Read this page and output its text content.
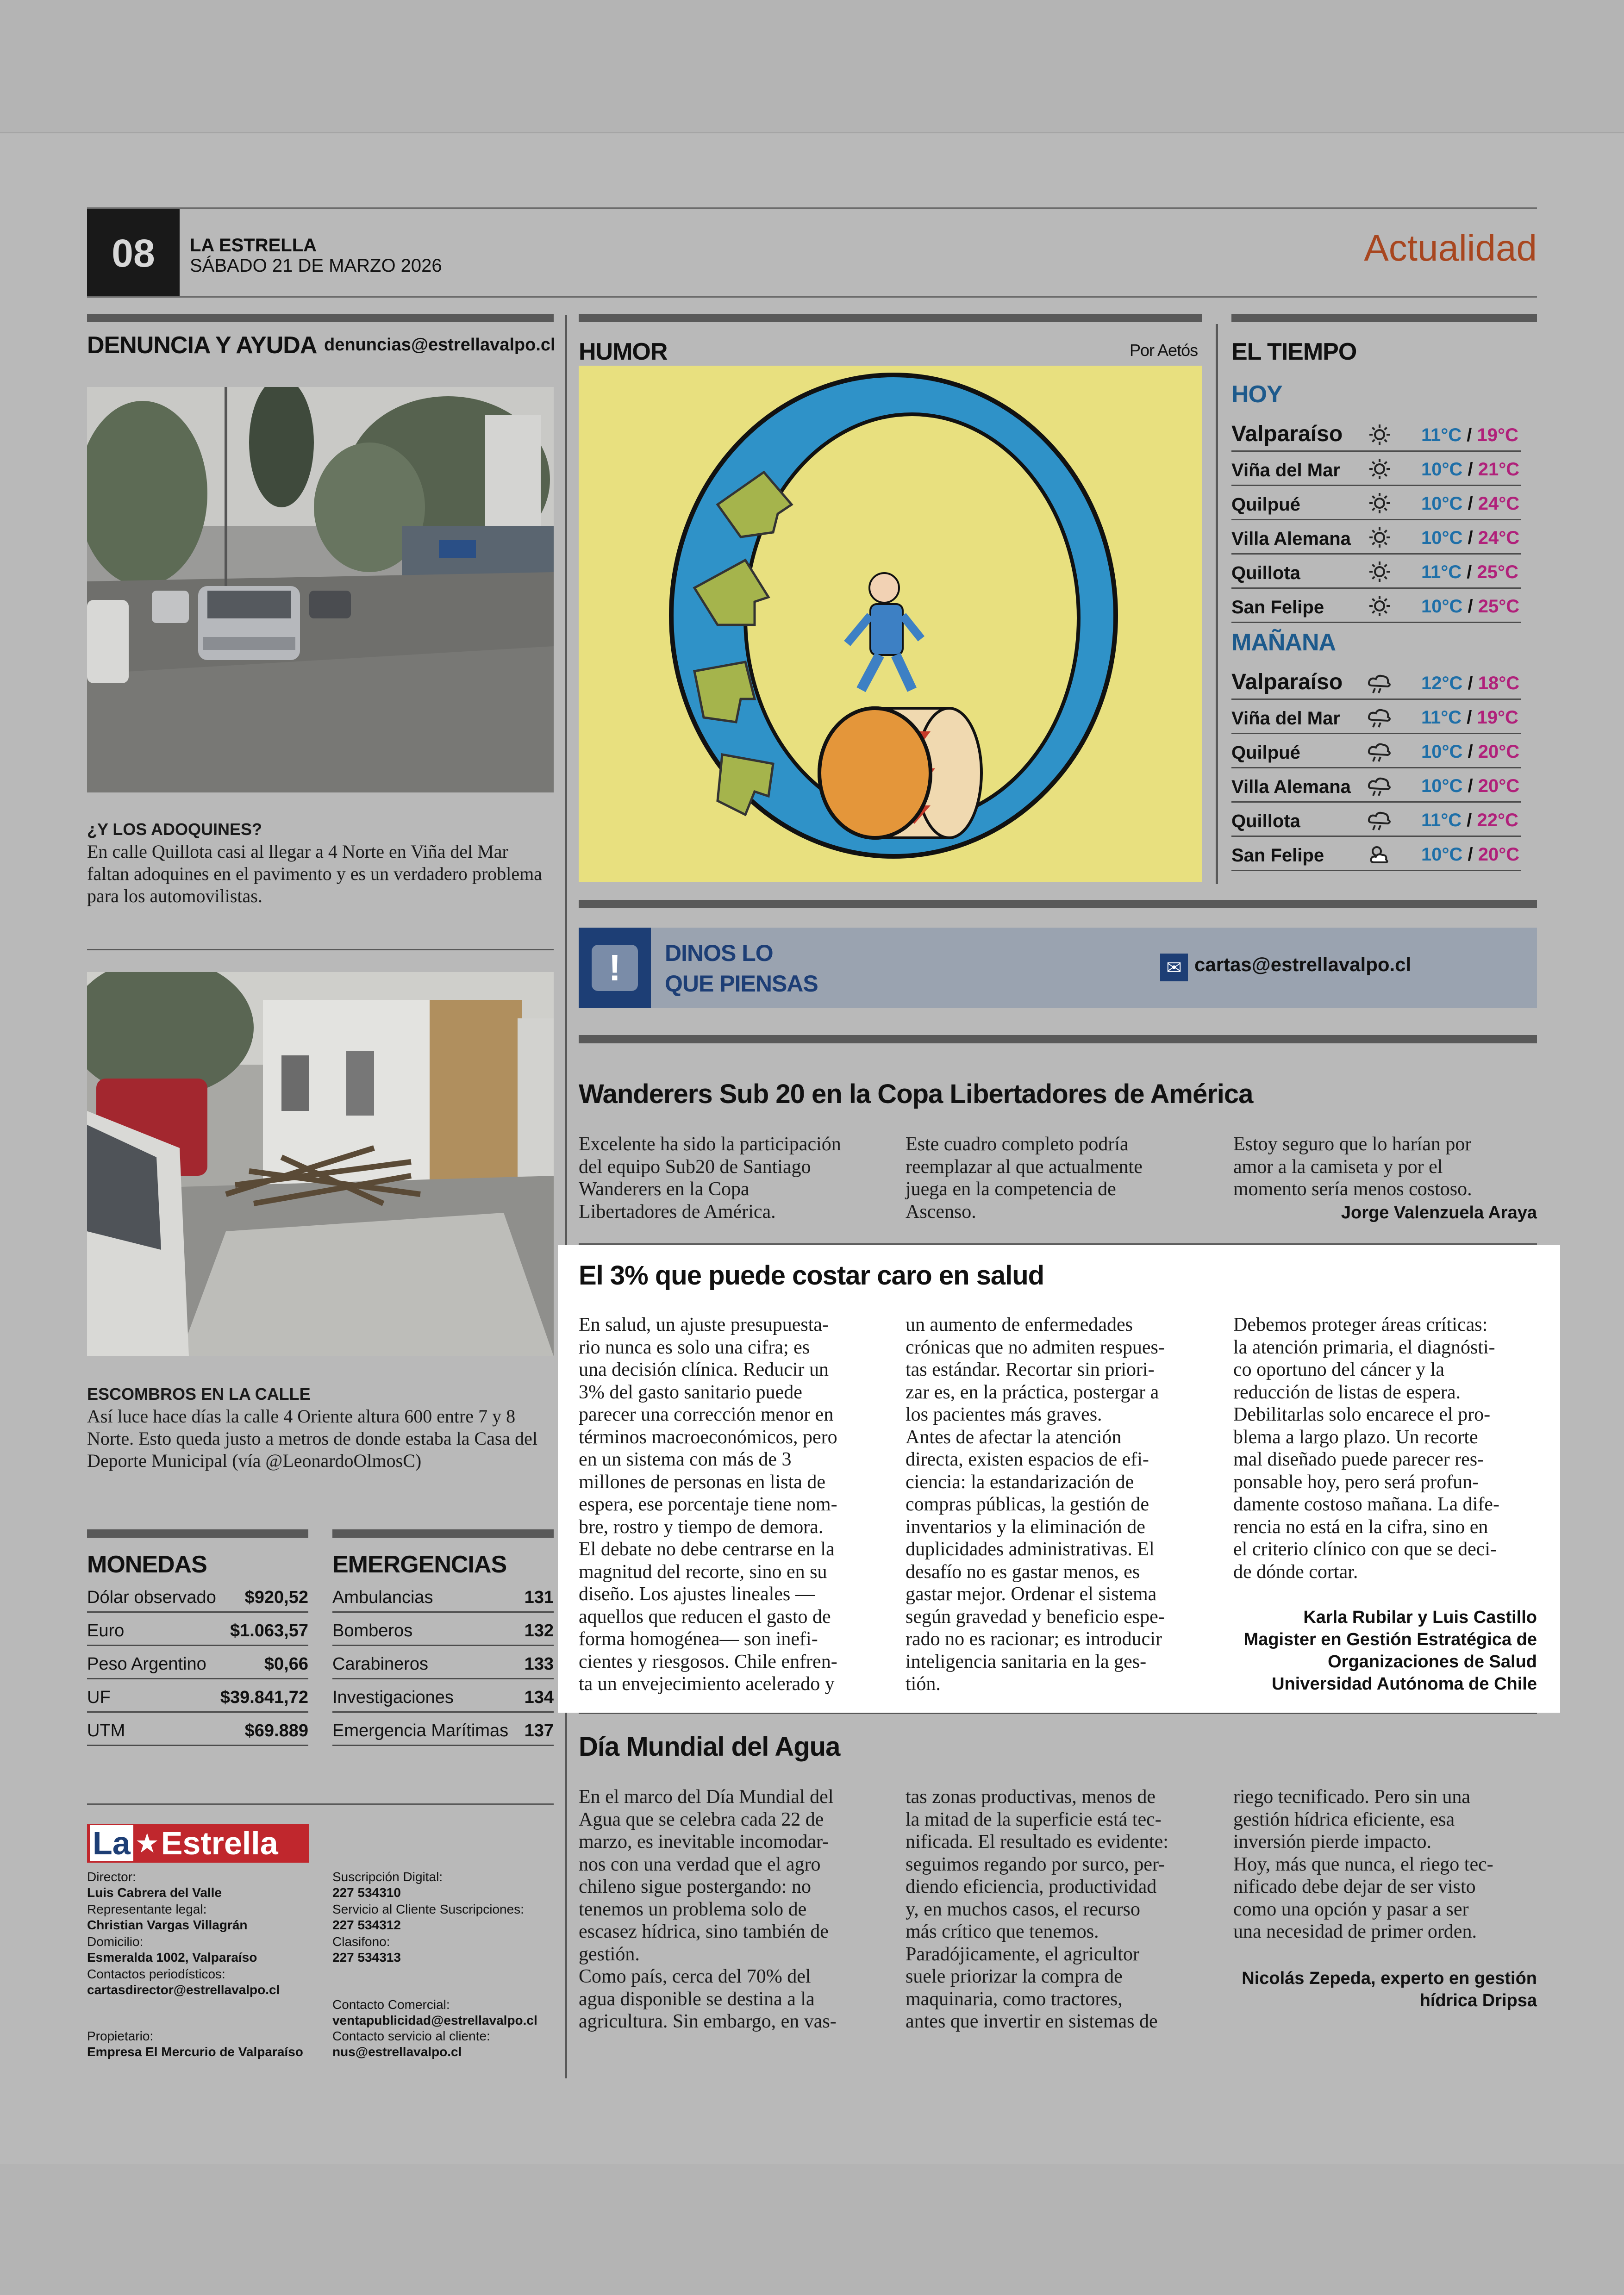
08	LA ESTRELLA
SÁBADO 21 DE MARZO 2026	Actualidad
DENUNCIA Y AYUDA denuncias@estrellavalpo.cl
¿Y LOS ADOQUINES?
En calle Quillota casi al llegar a 4 Norte en Viña del Mar faltan adoquines en el pavimento y es un verdadero problema para los automovilistas.
ESCOMBROS EN LA CALLE
Así luce hace días la calle 4 Oriente altura 600 entre 7 y 8 Norte. Esto queda justo a metros de donde estaba la Casa del Deporte Municipal (vía @LeonardoOlmosC)
MONEDAS
Dólar observado $920,52
Euro	$1.063,57
Peso Argentino	$0,66
UF	$39.841,72
UTM	$69.889
EMERGENCIAS
Ambulancias	131
Bomberos	132
Carabineros	133
Investigaciones	134
Emergencia Marítimas 137
La ★ Estrella
Director:
Luis Cabrera del Valle
Representante legal:
Christian Vargas Villagrán
Domicilio:
Esmeralda 1002, Valparaíso
Contactos periodísticos:
cartasdirector@estrellavalpo.cl
Propietario:
Empresa El Mercurio de Valparaíso
Suscripción Digital:
227 534310
Servicio al Cliente Suscripciones:
227 534312
Clasifono:
227 534313
Contacto Comercial:
ventapublicidad@estrellavalpo.cl
Contacto servicio al cliente:
nus@estrellavalpo.cl
HUMOR	Por Aetós EL TIEMPO
HOY
MAÑANA
Valparaíso	11°C / 19°C
Viña del Mar	10°C / 21°C
Quilpué	10°C / 24°C
Villa Alemana	10°C / 24°C
Quillota	11°C / 25°C
San Felipe	10°C / 25°C
Valparaíso	12°C / 18°C
Viña del Mar	11°C / 19°C
Quilpué	10°C / 20°C
Villa Alemana	10°C / 20°C
Quillota	11°C / 22°C
San Felipe	10°C / 20°C
!	DINOS LO
QUE PIENSAS
✉ cartas@estrellavalpo.cl
Wanderers Sub 20 en la Copa Libertadores de América
Excelente ha sido la participación
del equipo Sub20 de Santiago
Wanderers en la Copa
Libertadores de América.
Este cuadro completo podría
reemplazar al que actualmente
juega en la competencia de
Ascenso.
Estoy seguro que lo harían por
amor a la camiseta y por el
momento sería menos costoso.
Jorge Valenzuela Araya
El 3% que puede costar caro en salud
En salud, un ajuste presupuesta-
rio nunca es solo una cifra; es
una decisión clínica. Reducir un
3% del gasto sanitario puede
parecer una corrección menor en
términos macroeconómicos, pero
en un sistema con más de 3
millones de personas en lista de
espera, ese porcentaje tiene nom-
bre, rostro y tiempo de demora.
El debate no debe centrarse en la
magnitud del recorte, sino en su
diseño. Los ajustes lineales —
aquellos que reducen el gasto de
forma homogénea— son inefi-
cientes y riesgosos. Chile enfren-
ta un envejecimiento acelerado y
un aumento de enfermedades
crónicas que no admiten respues-
tas estándar. Recortar sin priori-
zar es, en la práctica, postergar a
los pacientes más graves.
Antes de afectar la atención
directa, existen espacios de efi-
ciencia: la estandarización de
compras públicas, la gestión de
inventarios y la eliminación de
duplicidades administrativas. El
desafío no es gastar menos, es
gastar mejor. Ordenar el sistema
según gravedad y beneficio espe-
rado no es racionar; es introducir
inteligencia sanitaria en la ges-
tión.
Debemos proteger áreas críticas:
la atención primaria, el diagnósti-
co oportuno del cáncer y la
reducción de listas de espera.
Debilitarlas solo encarece el pro-
blema a largo plazo. Un recorte
mal diseñado puede parecer res-
ponsable hoy, pero será profun-
damente costoso mañana. La dife-
rencia no está en la cifra, sino en
el criterio clínico con que se deci-
de dónde cortar.
Karla Rubilar y Luis Castillo
Magister en Gestión Estratégica de
Organizaciones de Salud
Universidad Autónoma de Chile
Día Mundial del Agua
En el marco del Día Mundial del
Agua que se celebra cada 22 de
marzo, es inevitable incomodar-
nos con una verdad que el agro
chileno sigue postergando: no
tenemos un problema solo de
escasez hídrica, sino también de
gestión.
Como país, cerca del 70% del
agua disponible se destina a la
agricultura. Sin embargo, en vas-
tas zonas productivas, menos de
la mitad de la superficie está tec-
nificada. El resultado es evidente:
seguimos regando por surco, per-
diendo eficiencia, productividad
y, en muchos casos, el recurso
más crítico que tenemos.
Paradójicamente, el agricultor
suele priorizar la compra de
maquinaria, como tractores,
antes que invertir en sistemas de
riego tecnificado. Pero sin una
gestión hídrica eficiente, esa
inversión pierde impacto.
Hoy, más que nunca, el riego tec-
nificado debe dejar de ser visto
como una opción y pasar a ser
una necesidad de primer orden.
Nicolás Zepeda, experto en gestión
hídrica Dripsa
